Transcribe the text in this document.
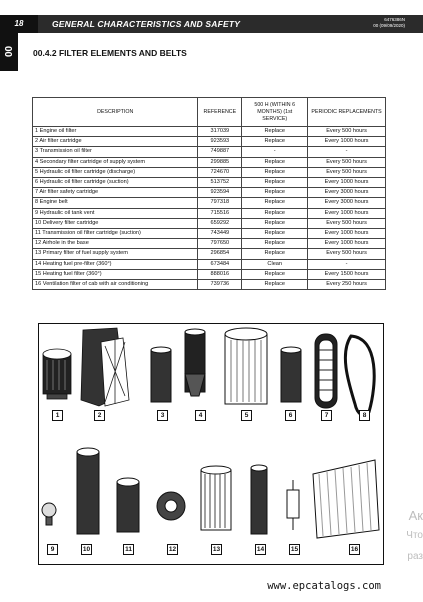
18	GENERAL CHARACTERISTICS AND SAFETY	6476386N
00 (09/09/2020)
00 00.4.2 FILTER ELEMENTS AND BELTS
DESCRIPTION	REFERENCE	500 H (WITHIN 6 MONTHS) (1st SERVICE)	PERIODIC REPLACEMENTS
1 Engine oil filter	317039	Replace	Every 500 hours
2 Air filter cartridge	923593	Replace	Every 1000 hours
3 Transmission oil filter	749887	-	-
4 Secondary filter cartridge of supply system	299885	Replace	Every 500 hours
5 Hydraulic oil filter cartridge (discharge)	724670	Replace	Every 500 hours
6 Hydraulic oil filter cartridge (suction)	513752	Replace	Every 1000 hours
7 Air filter safety cartridge	923594	Replace	Every 3000 hours
8 Engine belt	797318	Replace	Every 3000 hours
9 Hydraulic oil tank vent	715516	Replace	Every 1000 hours
10 Delivery filter cartridge	659292	Replace	Every 500 hours
11 Transmission oil filter cartridge (suction)	743449	Replace	Every 1000 hours
12 Airhole in the base	797650	Replace	Every 1000 hours
13 Primary filter of fuel supply system	296854	Replace	Every 500 hours
14 Heating fuel pre-filter (360°)	673484	Clean	-
15 Heating fuel filter (360°)	888016	Replace	Every 1500 hours
16 Ventilation filter of cab with air conditioning	739736	Replace	Every 250 hours
1	2	3	4	5	6	7	8
9	10	11	12	13	14	15	16
Ак
Что
раз
www.epcatalogs.com
